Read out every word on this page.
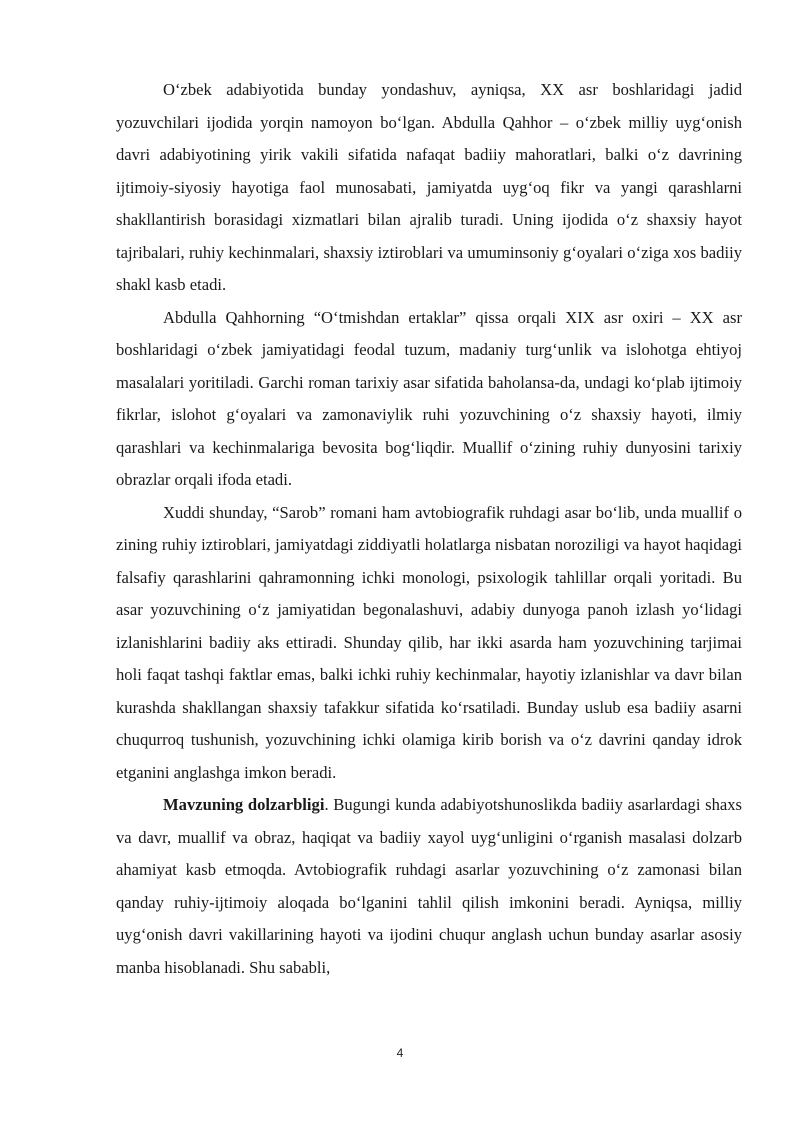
O‘zbek adabiyotida bunday yondashuv, ayniqsa, XX asr boshlaridagi jadid yozuvchilari ijodida yorqin namoyon bo‘lgan. Abdulla Qahhor – o‘zbek milliy uyg‘onish davri adabiyotining yirik vakili sifatida nafaqat badiiy mahoratlari, balki o‘z davrining ijtimoiy-siyosiy hayotiga faol munosabati, jamiyatda uyg‘oq fikr va yangi qarashlarni shakllantirish borasidagi xizmatlari bilan ajralib turadi. Uning ijodida o‘z shaxsiy hayot tajribalari, ruhiy kechinmalari, shaxsiy iztiroblari va umuminsoniy g‘oyalari o‘ziga xos badiiy shakl kasb etadi.

Abdulla Qahhorning “O‘tmishdan ertaklar” qissa orqali XIX asr oxiri – XX asr boshlaridagi o‘zbek jamiyatidagi feodal tuzum, madaniy turg‘unlik va islohotga ehtiyoj masalalari yoritiladi. Garchi roman tarixiy asar sifatida baholansa-da, undagi ko‘plab ijtimoiy fikrlar, islohot g‘oyalari va zamonaviylik ruhi yozuvchining o‘z shaxsiy hayoti, ilmiy qarashlari va kechinmalariga bevosita bog‘liqdir. Muallif o‘zining ruhiy dunyosini tarixiy obrazlar orqali ifoda etadi.

Xuddi shunday, “Sarob” romani ham avtobiografik ruhdagi asar bo‘lib, unda muallif o zining ruhiy iztiroblari, jamiyatdagi ziddiyatli holatlarga nisbatan noroziligi va hayot haqidagi falsafiy qarashlarini qahramonning ichki monologi, psixologik tahlillar orqali yoritadi. Bu asar yozuvchining o‘z jamiyatidan begonalashuvi, adabiy dunyoga panoh izlash yo‘lidagi izlanishlarini badiiy aks ettiradi. Shunday qilib, har ikki asarda ham yozuvchining tarjimai holi faqat tashqi faktlar emas, balki ichki ruhiy kechinmalar, hayotiy izlanishlar va davr bilan kurashda shakllangan shaxsiy tafakkur sifatida ko‘rsatiladi. Bunday uslub esa badiiy asarni chuqurroq tushunish, yozuvchining ichki olamiga kirib borish va o‘z davrini qanday idrok etganini anglashga imkon beradi.

Mavzuning dolzarbligi. Bugungi kunda adabiyotshunoslikda badiiy asarlardagi shaxs va davr, muallif va obraz, haqiqat va badiiy xayol uyg‘unligini o‘rganish masalasi dolzarb ahamiyat kasb etmoqda. Avtobiografik ruhdagi asarlar yozuvchining o‘z zamonasi bilan qanday ruhiy-ijtimoiy aloqada bo‘lganini tahlil qilish imkonini beradi. Ayniqsa, milliy uyg‘onish davri vakillarining hayoti va ijodini chuqur anglash uchun bunday asarlar asosiy manba hisoblanadi. Shu sababli,

4
